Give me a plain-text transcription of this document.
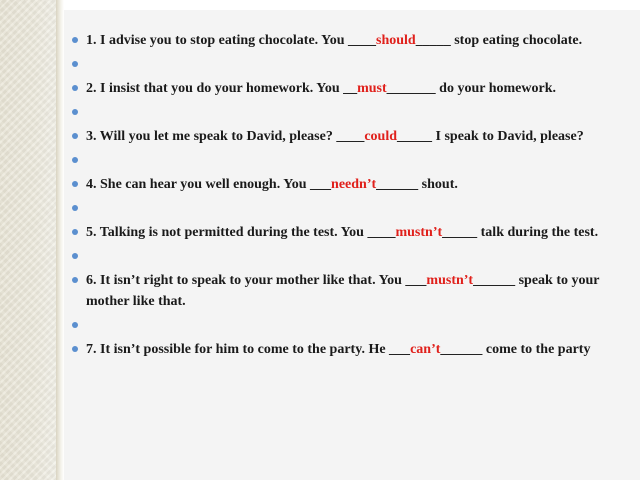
1. I advise you to stop eating chocolate. You ____should_____ stop eating chocolate.
2. I insist that you do your homework. You __must_______ do your homework.
3. Will you let me speak to David, please? ____could_____ I speak to David, please?
4. She can hear you well enough. You ___needn’t______ shout.
5. Talking is not permitted during the test. You ____mustn’t_____ talk during the test.
6. It isn’t right to speak to your mother like that. You ___mustn’t______ speak to your mother like that.
7. It isn’t possible for him to come to the party. He ___can’t______ come to the party
